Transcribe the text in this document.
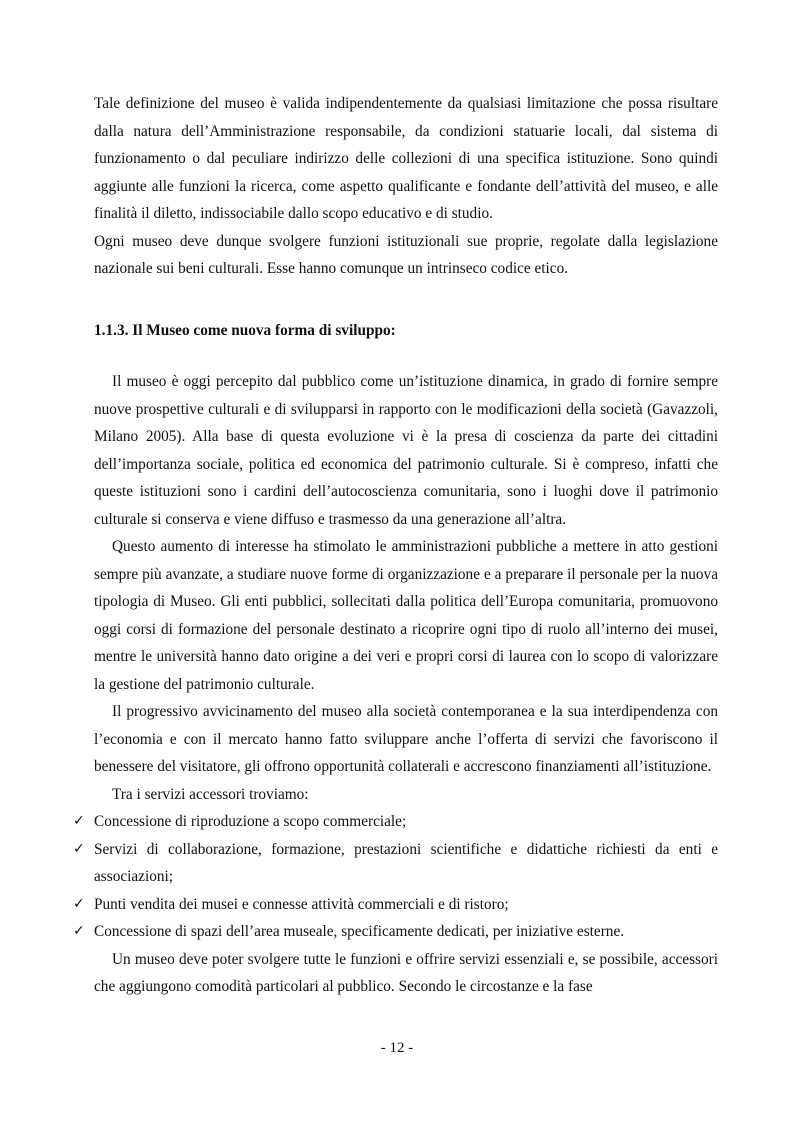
Tale definizione del museo è valida indipendentemente da qualsiasi limitazione che possa risultare dalla natura dell’Amministrazione responsabile, da condizioni statuarie locali, dal sistema di funzionamento o dal peculiare indirizzo delle collezioni di una specifica istituzione. Sono quindi aggiunte alle funzioni la ricerca, come aspetto qualificante e fondante dell’attività del museo, e alle finalità il diletto, indissociabile dallo scopo educativo e di studio.

Ogni museo deve dunque svolgere funzioni istituzionali sue proprie, regolate dalla legislazione nazionale sui beni culturali. Esse hanno comunque un intrinseco codice etico.

1.1.3. Il Museo come nuova forma di sviluppo:

Il museo è oggi percepito dal pubblico come un’istituzione dinamica, in grado di fornire sempre nuove prospettive culturali e di svilupparsi in rapporto con le modificazioni della società (Gavazzoli, Milano 2005). Alla base di questa evoluzione vi è la presa di coscienza da parte dei cittadini dell’importanza sociale, politica ed economica del patrimonio culturale. Si è compreso, infatti che queste istituzioni sono i cardini dell’autocoscienza comunitaria, sono i luoghi dove il patrimonio culturale si conserva e viene diffuso e trasmesso da una generazione all’altra.

Questo aumento di interesse ha stimolato le amministrazioni pubbliche a mettere in atto gestioni sempre più avanzate, a studiare nuove forme di organizzazione e a preparare il personale per la nuova tipologia di Museo. Gli enti pubblici, sollecitati dalla politica dell’Europa comunitaria, promuovono oggi corsi di formazione del personale destinato a ricoprire ogni tipo di ruolo all’interno dei musei, mentre le università hanno dato origine a dei veri e propri corsi di laurea con lo scopo di valorizzare la gestione del patrimonio culturale.

Il progressivo avvicinamento del museo alla società contemporanea e la sua interdipendenza con l’economia e con il mercato hanno fatto sviluppare anche l’offerta di servizi che favoriscono il benessere del visitatore, gli offrono opportunità collaterali e accrescono finanziamenti all’istituzione.

Tra i servizi accessori troviamo:

✓ Concessione di riproduzione a scopo commerciale;
✓ Servizi di collaborazione, formazione, prestazioni scientifiche e didattiche richiesti da enti e associazioni;
✓ Punti vendita dei musei e connesse attività commerciali e di ristoro;
✓ Concessione di spazi dell’area museale, specificamente dedicati, per iniziative esterne.

Un museo deve poter svolgere tutte le funzioni e offrire servizi essenziali e, se possibile, accessori che aggiungono comodità particolari al pubblico. Secondo le circostanze e la fase

- 12 -
